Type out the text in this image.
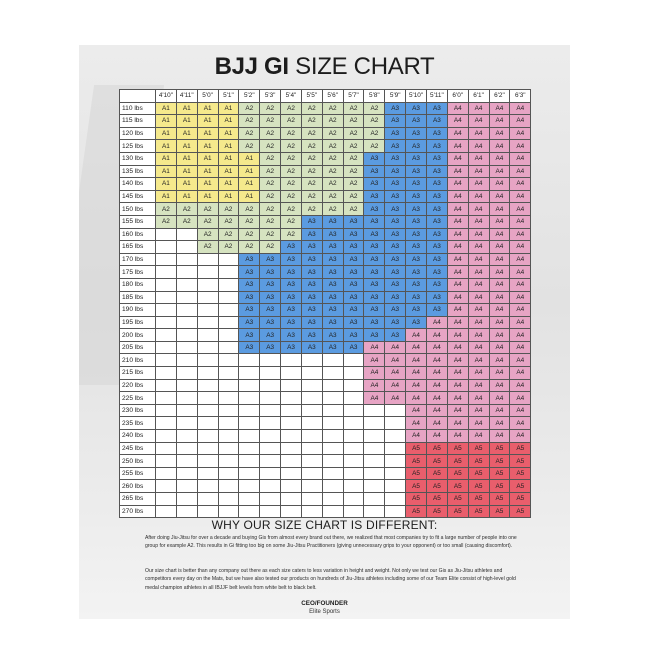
BJJ GI SIZE CHART
	4'10"	4'11"	5'0"	5'1"	5'2"	5'3"	5'4"	5'5"	5'6"	5'7"	5'8"	5'9"	5'10"	5'11"	6'0"	6'1"	6'2"	6'3"
110 lbs	A1	A1	A1	A1	A2	A2	A2	A2	A2	A2	A2	A3	A3	A3	A4	A4	A4	A4
115 lbs	A1	A1	A1	A1	A2	A2	A2	A2	A2	A2	A2	A3	A3	A3	A4	A4	A4	A4
120 lbs	A1	A1	A1	A1	A2	A2	A2	A2	A2	A2	A2	A3	A3	A3	A4	A4	A4	A4
125 lbs	A1	A1	A1	A1	A2	A2	A2	A2	A2	A2	A2	A3	A3	A3	A4	A4	A4	A4
130 lbs	A1	A1	A1	A1	A1	A2	A2	A2	A2	A2	A3	A3	A3	A3	A4	A4	A4	A4
135 lbs	A1	A1	A1	A1	A1	A2	A2	A2	A2	A2	A3	A3	A3	A3	A4	A4	A4	A4
140 lbs	A1	A1	A1	A1	A1	A2	A2	A2	A2	A2	A3	A3	A3	A3	A4	A4	A4	A4
145 lbs	A1	A1	A1	A1	A1	A2	A2	A2	A2	A2	A3	A3	A3	A3	A4	A4	A4	A4
150 lbs	A2	A2	A2	A2	A2	A2	A2	A2	A2	A2	A3	A3	A3	A3	A4	A4	A4	A4
155 lbs	A2	A2	A2	A2	A2	A2	A2	A3	A3	A3	A3	A3	A3	A3	A4	A4	A4	A4
160 lbs			A2	A2	A2	A2	A2	A3	A3	A3	A3	A3	A3	A3	A4	A4	A4	A4
165 lbs			A2	A2	A2	A2	A3	A3	A3	A3	A3	A3	A3	A3	A4	A4	A4	A4
170 lbs					A3	A3	A3	A3	A3	A3	A3	A3	A3	A3	A4	A4	A4	A4
175 lbs					A3	A3	A3	A3	A3	A3	A3	A3	A3	A3	A4	A4	A4	A4
180 lbs					A3	A3	A3	A3	A3	A3	A3	A3	A3	A3	A4	A4	A4	A4
185 lbs					A3	A3	A3	A3	A3	A3	A3	A3	A3	A3	A4	A4	A4	A4
190 lbs					A3	A3	A3	A3	A3	A3	A3	A3	A3	A3	A4	A4	A4	A4
195 lbs					A3	A3	A3	A3	A3	A3	A3	A3	A3	A4	A4	A4	A4	A4
200 lbs					A3	A3	A3	A3	A3	A3	A3	A3	A4	A4	A4	A4	A4	A4
205 lbs					A3	A3	A3	A3	A3	A3	A4	A4	A4	A4	A4	A4	A4	A4
210 lbs											A4	A4	A4	A4	A4	A4	A4	A4
215 lbs											A4	A4	A4	A4	A4	A4	A4	A4
220 lbs											A4	A4	A4	A4	A4	A4	A4	A4
225 lbs											A4	A4	A4	A4	A4	A4	A4	A4
230 lbs													A4	A4	A4	A4	A4	A4
235 lbs													A4	A4	A4	A4	A4	A4
240 lbs													A4	A4	A4	A4	A4	A4
245 lbs													A5	A5	A5	A5	A5	A5
250 lbs													A5	A5	A5	A5	A5	A5
255 lbs													A5	A5	A5	A5	A5	A5
260 lbs													A5	A5	A5	A5	A5	A5
265 lbs													A5	A5	A5	A5	A5	A5
270 lbs													A5	A5	A5	A5	A5	A5
WHY OUR SIZE CHART IS DIFFERENT:
After doing Jiu-Jitsu for over a decade and buying Gis from almost every brand out there, we realized that most companies try to fit a large number of people into one group for example A2. This results in Gi fitting too big on some Jiu-Jitsu Practitioners (giving unnecessary grips to your opponent) or too small (causing discomfort).
Our size chart is better than any company out there as each size caters to less variation in height and weight. Not only we test our Gis as Jiu-Jitsu athletes and competitors every day on the Mats, but we have also tested our products on hundreds of Jiu-Jitsu athletes including some of our Team Elite consist of high-level gold medal champion athletes in all IBJJF belt levels from white belt to black belt.
CEO/FOUNDER
Elite Sports
